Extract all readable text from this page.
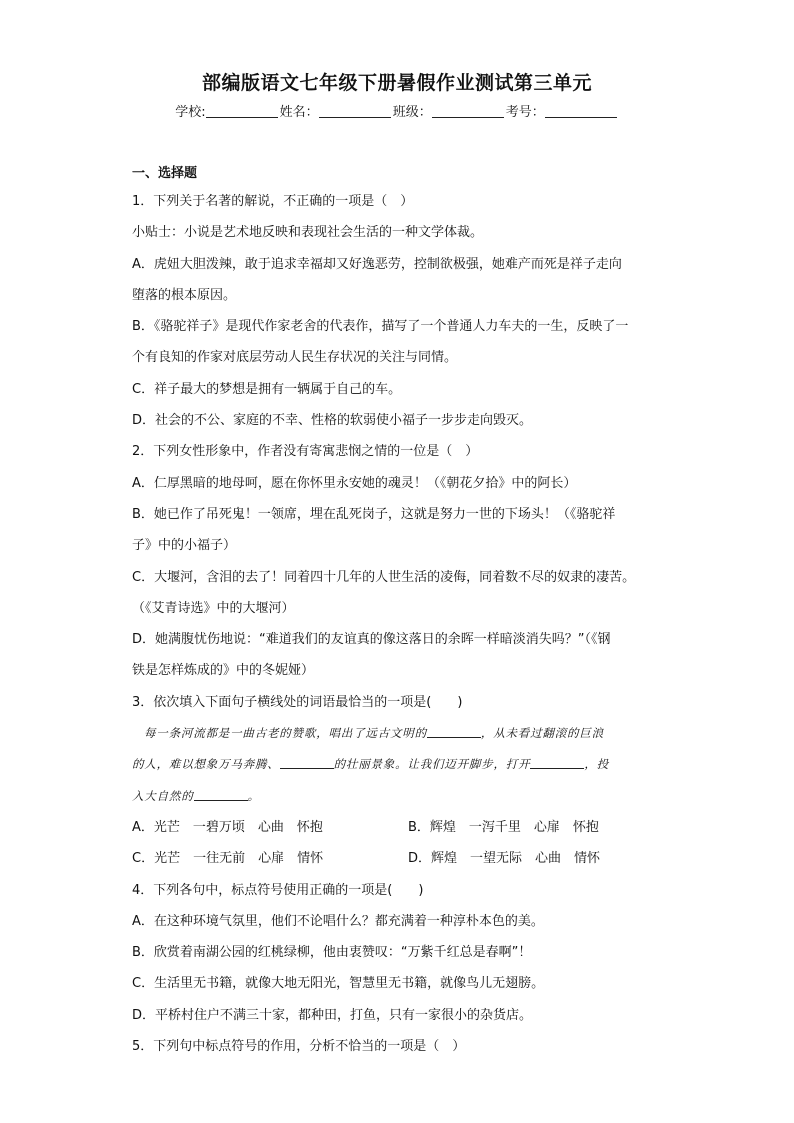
部编版语文七年级下册暑假作业测试第三单元
学校:	姓名：	班级：	考号：
一、选择题
1．下列关于名著的解说，不正确的一项是（　）
小贴士：小说是艺术地反映和表现社会生活的一种文学体裁。
A．虎妞大胆泼辣，敢于追求幸福却又好逸恶劳，控制欲极强，她难产而死是祥子走向
堕落的根本原因。
B．《骆驼祥子》是现代作家老舍的代表作，描写了一个普通人力车夫的一生，反映了一
个有良知的作家对底层劳动人民生存状况的关注与同情。
C．祥子最大的梦想是拥有一辆属于自己的车。
D．社会的不公、家庭的不幸、性格的软弱使小福子一步步走向毁灭。
2．下列女性形象中，作者没有寄寓悲悯之情的一位是（　）
A．仁厚黑暗的地母呵，愿在你怀里永安她的魂灵！（《朝花夕拾》中的阿长）
B．她已作了吊死鬼！一领席，埋在乱死岗子，这就是努力一世的下场头！（《骆驼祥
子》中的小福子）
C．大堰河，含泪的去了！同着四十几年的人世生活的凌侮，同着数不尽的奴隶的凄苦。
（《艾青诗选》中的大堰河）
D．她满腹忧伤地说：“难道我们的友谊真的像这落日的余晖一样暗淡消失吗？”（《钢
铁是怎样炼成的》中的冬妮娅）
3．依次填入下面句子横线处的词语最恰当的一项是(　　)
每一条河流都是一曲古老的赞歌，唱出了远古文明的	，从未看过翻滚的巨浪
的人，难以想象万马奔腾、	的壮丽景象。让我们迈开脚步，打开	，投
入大自然的	。
A．光芒　一碧万顷　心曲　怀抱	B．辉煌　一泻千里　心扉　怀抱
C．光芒　一往无前　心扉　情怀	D．辉煌　一望无际　心曲　情怀
4．下列各句中，标点符号使用正确的一项是(　　)
A．在这种环境气氛里，他们不论唱什么？都充满着一种淳朴本色的美。
B．欣赏着南湖公园的红桃绿柳，他由衷赞叹：“万紫千红总是春啊”！
C．生活里无书籍，就像大地无阳光，智慧里无书籍，就像鸟儿无翅膀。
D．平桥村住户不满三十家，都种田，打鱼，只有一家很小的杂货店。
5．下列句中标点符号的作用，分析不恰当的一项是（　）
